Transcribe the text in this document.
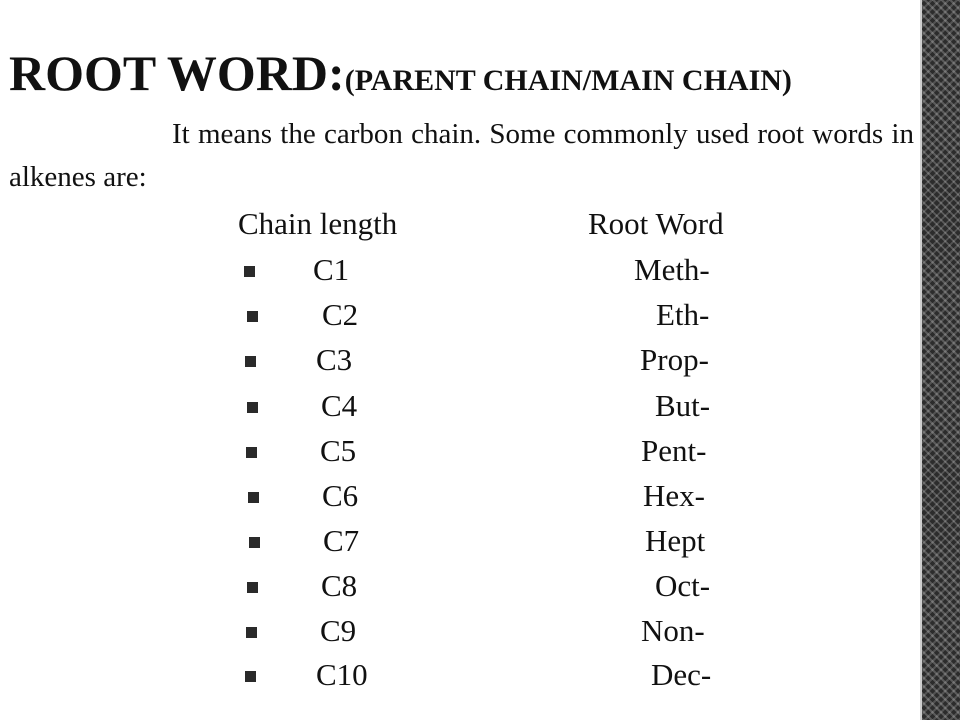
ROOT WORD:(PARENT CHAIN/MAIN CHAIN)
It means the carbon chain. Some commonly used root words in alkenes are:
Chain length	Root Word
C1	Meth-
C2	Eth-
C3	Prop-
C4	But-
C5	Pent-
C6	Hex-
C7	Hept
C8	Oct-
C9	Non-
C10	Dec-
